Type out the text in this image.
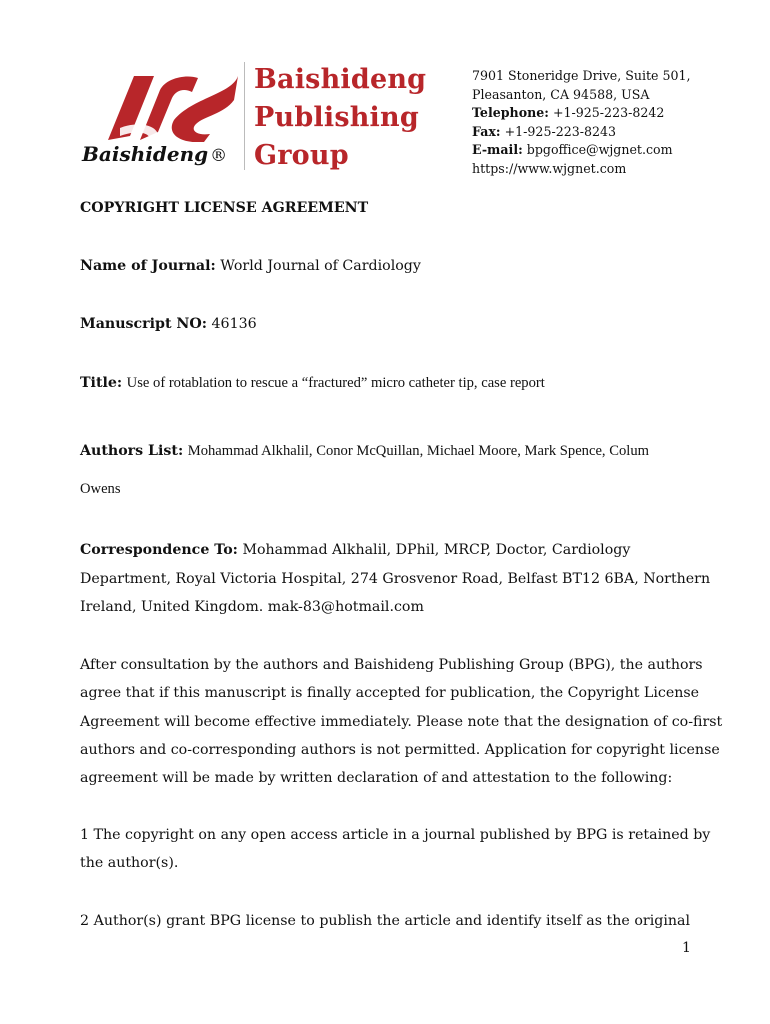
Baishideng ®
Baishideng
Publishing
Group
7901 Stoneridge Drive, Suite 501,
Pleasanton, CA 94588, USA
Telephone: +1-925-223-8242
Fax: +1-925-223-8243
E-mail: bpgoffice@wjgnet.com
https://www.wjgnet.com
COPYRIGHT LICENSE AGREEMENT
Name of Journal: World Journal of Cardiology
Manuscript NO: 46136
Title: Use of rotablation to rescue a “fractured” micro catheter tip, case report
Authors List: Mohammad Alkhalil, Conor McQuillan, Michael Moore, Mark Spence, Colum
Owens
Correspondence To: Mohammad Alkhalil, DPhil, MRCP, Doctor, Cardiology
Department, Royal Victoria Hospital, 274 Grosvenor Road, Belfast BT12 6BA, Northern
Ireland, United Kingdom. mak-83@hotmail.com
After consultation by the authors and Baishideng Publishing Group (BPG), the authors
agree that if this manuscript is finally accepted for publication, the Copyright License
Agreement will become effective immediately. Please note that the designation of co-first
authors and co-corresponding authors is not permitted. Application for copyright license
agreement will be made by written declaration of and attestation to the following:
1 The copyright on any open access article in a journal published by BPG is retained by
the author(s).
2 Author(s) grant BPG license to publish the article and identify itself as the original
1
